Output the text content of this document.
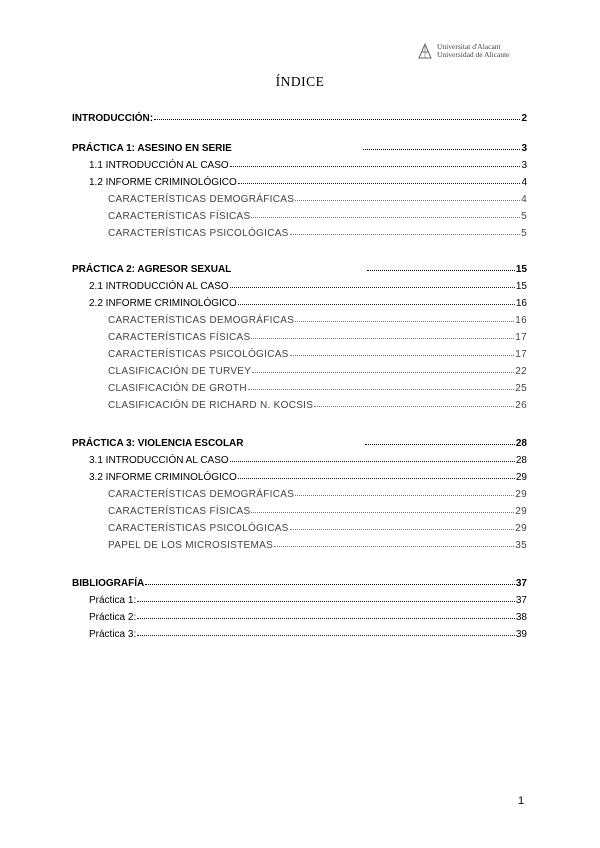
Universitat d'Alacant
Universidad de Alicante
ÍNDICE
INTRODUCCIÓN:	2
PRÁCTICA 1: ASESINO EN SERIE	3
1.1 INTRODUCCIÓN AL CASO	3
1.2 INFORME CRIMINOLÓGICO	4
CARACTERÍSTICAS DEMOGRÁFICAS	4
CARACTERÍSTICAS FÍSICAS	5
CARACTERÍSTICAS PSICOLÓGICAS	5
PRÁCTICA 2: AGRESOR SEXUAL	15
2.1 INTRODUCCIÓN AL CASO	15
2.2 INFORME CRIMINOLÓGICO	16
CARACTERÍSTICAS DEMOGRÁFICAS	16
CARACTERÍSTICAS FÍSICAS	17
CARACTERÍSTICAS PSICOLÓGICAS	17
CLASIFICACIÓN DE TURVEY	22
CLASIFICACIÓN DE GROTH	25
CLASIFICACIÓN DE RICHARD N. KOCSIS	26
PRÁCTICA 3: VIOLENCIA ESCOLAR	28
3.1 INTRODUCCIÓN AL CASO	28
3.2 INFORME CRIMINOLÓGICO	29
CARACTERÍSTICAS DEMOGRÁFICAS	29
CARACTERÍSTICAS FÍSICAS	29
CARACTERÍSTICAS PSICOLÓGICAS	29
PAPEL DE LOS MICROSISTEMAS	35
BIBLIOGRAFÍA	37
Práctica 1:	37
Práctica 2:	38
Práctica 3:	39
1
